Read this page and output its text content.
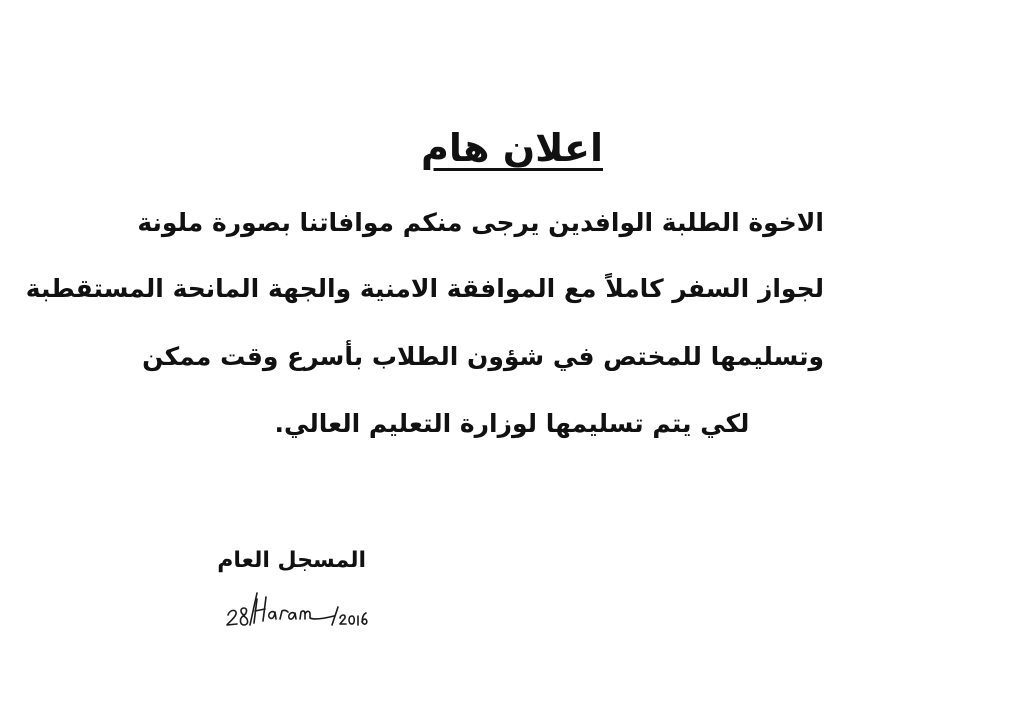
اعلان هام
الاخوة الطلبة الوافدين يرجى منكم موافاتنا بصورة ملونة
لجواز السفر كاملاً مع الموافقة الامنية والجهة المانحة المستقطبة
وتسليمها للمختص في شؤون الطلاب بأسرع وقت ممكن
لكي يتم تسليمها لوزارة التعليم العالي.
المسجل العام
